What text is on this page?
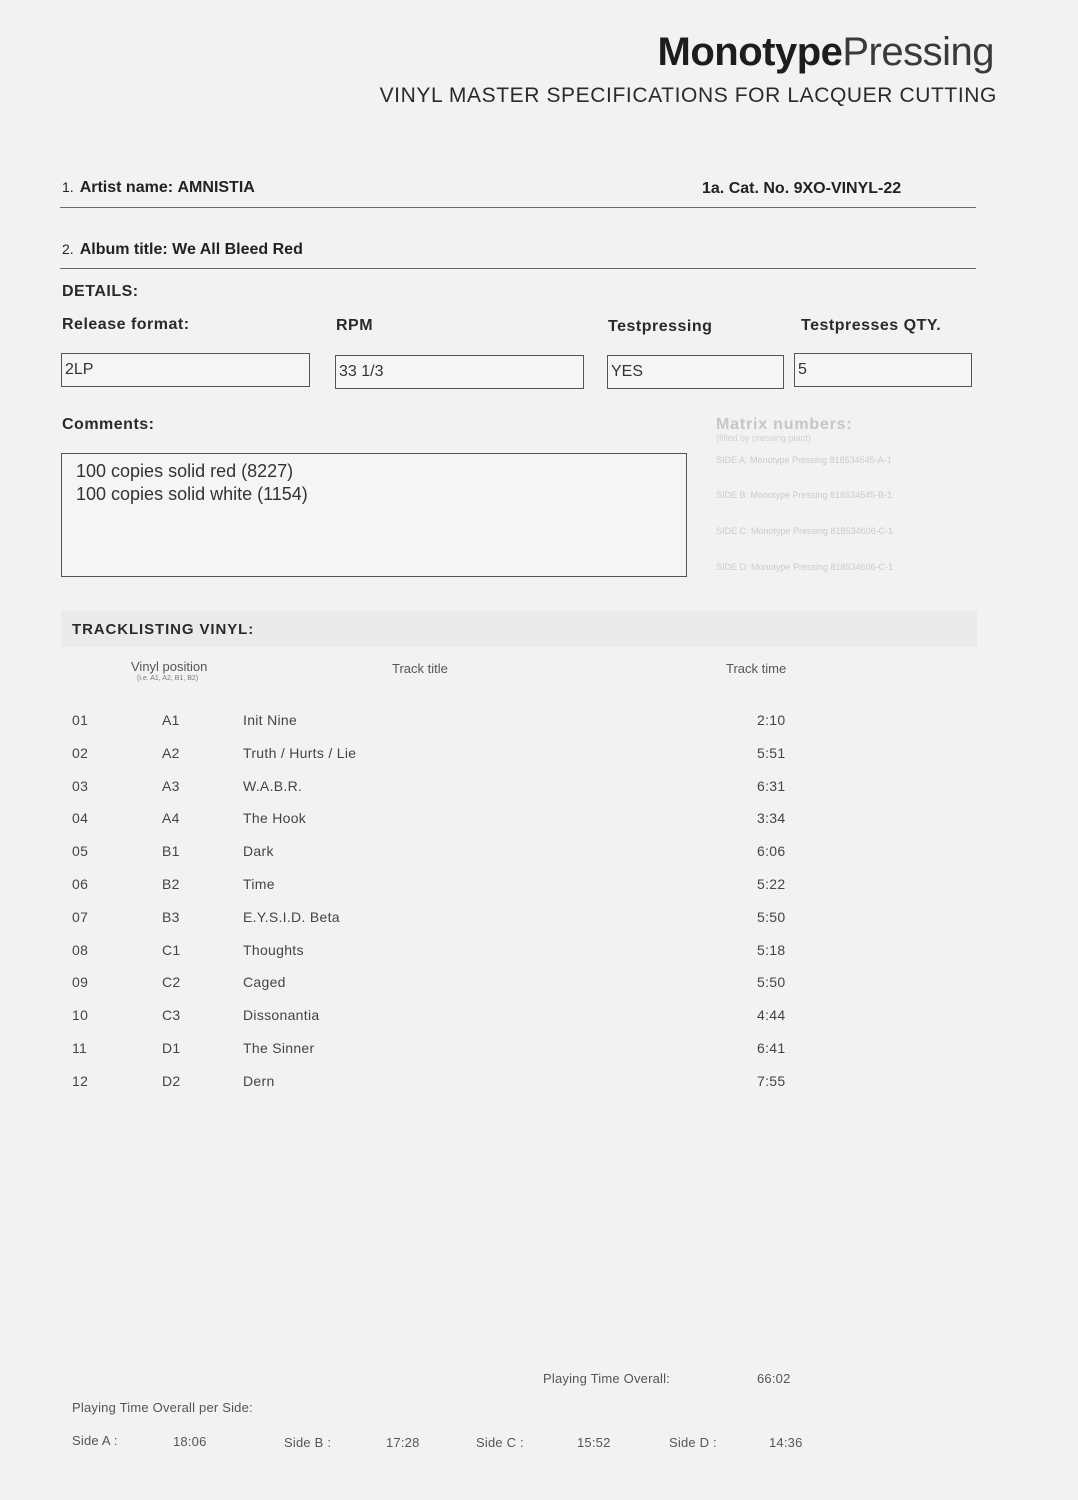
MonotypePressing
VINYL MASTER SPECIFICATIONS FOR LACQUER CUTTING
1. Artist name: AMNISTIA	1a. Cat. No. 9XO-VINYL-22
2. Album title: We All Bleed Red
DETAILS:
Release format:	RPM	Testpressing	Testpresses QTY.
2LP	33 1/3	YES	5
Comments:
100 copies solid red (8227)
100 copies solid white (1154)
Matrix numbers:
(filled by pressing plant)
SIDE A: Monotype Pressing 818534545-A-1
SIDE B: Monotype Pressing 818534545-B-1
SIDE C: Monotype Pressing 818534606-C-1
SIDE D: Monotype Pressing 818534606-C-1
TRACKLISTING VINYL:
Vinyl position
(i.e. A1, A2, B1, B2)
Track title	Track time
01	A1	Init Nine	2:10
02	A2	Truth / Hurts / Lie	5:51
03	A3	W.A.B.R.	6:31
04	A4	The Hook	3:34
05	B1	Dark	6:06
06	B2	Time	5:22
07	B3	E.Y.S.I.D. Beta	5:50
08	C1	Thoughts	5:18
09	C2	Caged	5:50
10	C3	Dissonantia	4:44
11	D1	The Sinner	6:41
12	D2	Dern	7:55
Playing Time Overall:	66:02
Playing Time Overall per Side:
Side A :	18:06	Side B :	17:28	Side C :	15:52	Side D :	14:36
